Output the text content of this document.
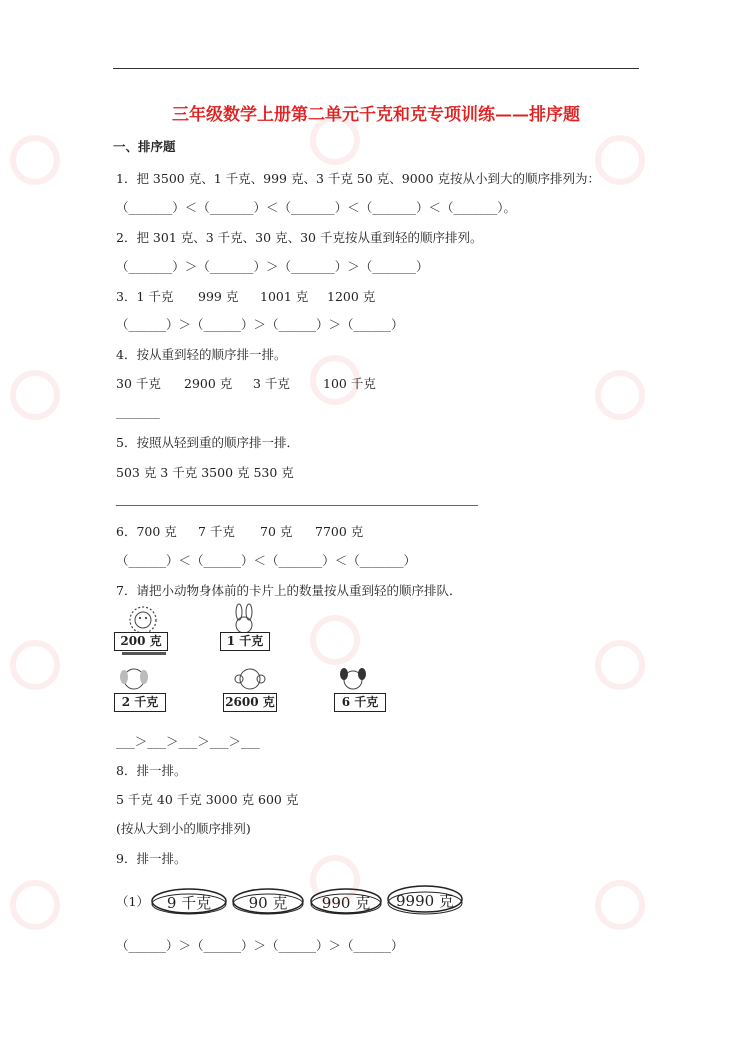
三年级数学上册第二单元千克和克专项训练——排序题
一、排序题
1．把 3500 克、1 千克、999 克、3 千克 50 克、9000 克按从小到大的顺序排列为：
（_______）＜（_______）＜（_______）＜（_______）＜（_______）。
2．把 301 克、3 千克、30 克、30 千克按从重到轻的顺序排列。
（_______）＞（_______）＞（_______）＞（_______）
3．1 千克 999 克 1001 克 1200 克
（______）＞（______）＞（______）＞（______）
4．按从重到轻的顺序排一排。
30 千克 2900 克 3 千克	100 千克
_______
5．按照从轻到重的顺序排一排．
503 克 3 千克 3500 克 530 克
6．700 克 7 千克 70 克 7700 克
（______）＜（______）＜（_______）＜（_______）
7．请把小动物身体前的卡片上的数量按从重到轻的顺序排队．
200 克	1 千克
2 千克	2600 克	6 千克
___＞___＞___＞___＞___
8．排一排。
5 千克 40 千克 3000 克 600 克
(按从大到小的顺序排列)
9．排一排。
（1）	9 千克	90 克	990 克	9990 克
（______）＞（______）＞（______）＞（______）
